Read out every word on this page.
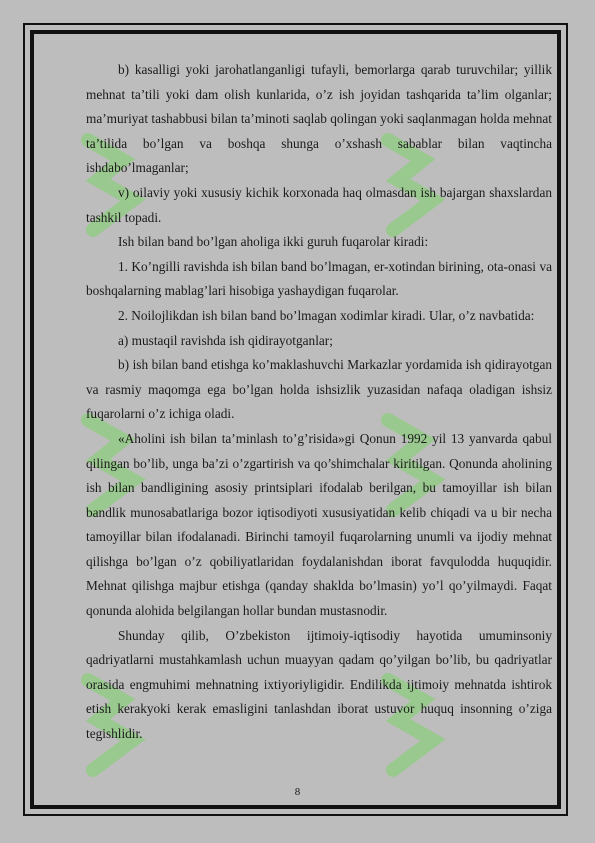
b) kasalligi yoki jarohatlanganligi tufayli, bemorlarga qarab turuvchilar; yillik mehnat ta’tili yoki dam olish kunlarida, o’z ish joyidan tashqarida ta’lim olganlar; ma’muriyat tashabbusi bilan ta’minoti saqlab qolingan yoki saqlanmagan holda mehnat ta’tilida bo’lgan va boshqa shunga o’xshash sabablar bilan vaqtincha ishdabo’lmaganlar;

v) oilaviy yoki xususiy kichik korxonada haq olmasdan ish bajargan shaxslardan tashkil topadi.

Ish bilan band bo’lgan aholiga ikki guruh fuqarolar kiradi:

1. Ko’ngilli ravishda ish bilan band bo’lmagan, er-xotindan birining, ota-onasi va boshqalarning mablag’lari hisobiga yashaydigan fuqarolar.

2. Noilojlikdan ish bilan band bo’lmagan xodimlar kiradi. Ular, o’z navbatida:

a) mustaqil ravishda ish qidirayotganlar;

b) ish bilan band etishga ko’maklashuvchi Markazlar yordamida ish qidirayotgan va rasmiy maqomga ega bo’lgan holda ishsizlik yuzasidan nafaqa oladigan ishsiz fuqarolarni o’z ichiga oladi.

«Aholini ish bilan ta’minlash to’g’risida»gi Qonun 1992 yil 13 yanvarda qabul qilingan bo’lib, unga ba’zi o’zgartirish va qo’shimchalar kiritilgan. Qonunda aholining ish bilan bandligining asosiy printsiplari ifodalab berilgan, bu tamoyillar ish bilan bandlik munosabatlariga bozor iqtisodiyoti xususiyatidan kelib chiqadi va u bir necha tamoyillar bilan ifodalanadi. Birinchi tamoyil fuqarolarning unumli va ijodiy mehnat qilishga bo’lgan o’z qobiliyatlaridan foydalanishdan iborat favqulodda huquqidir. Mehnat qilishga majbur etishga (qanday shaklda bo’lmasin) yo’l qo’yilmaydi. Faqat qonunda alohida belgilangan hollar bundan mustasnodir.

Shunday qilib, O’zbekiston ijtimoiy-iqtisodiy hayotida umuminsoniy qadriyatlarni mustahkamlash uchun muayyan qadam qo’yilgan bo’lib, bu qadriyatlar orasida engmuhimi mehnatning ixtiyoriyligidir. Endilikda ijtimoiy mehnatda ishtirok etish kerakyoki kerak emasligini tanlashdan iborat ustuvor huquq insonning o’ziga tegishlidir.

8
